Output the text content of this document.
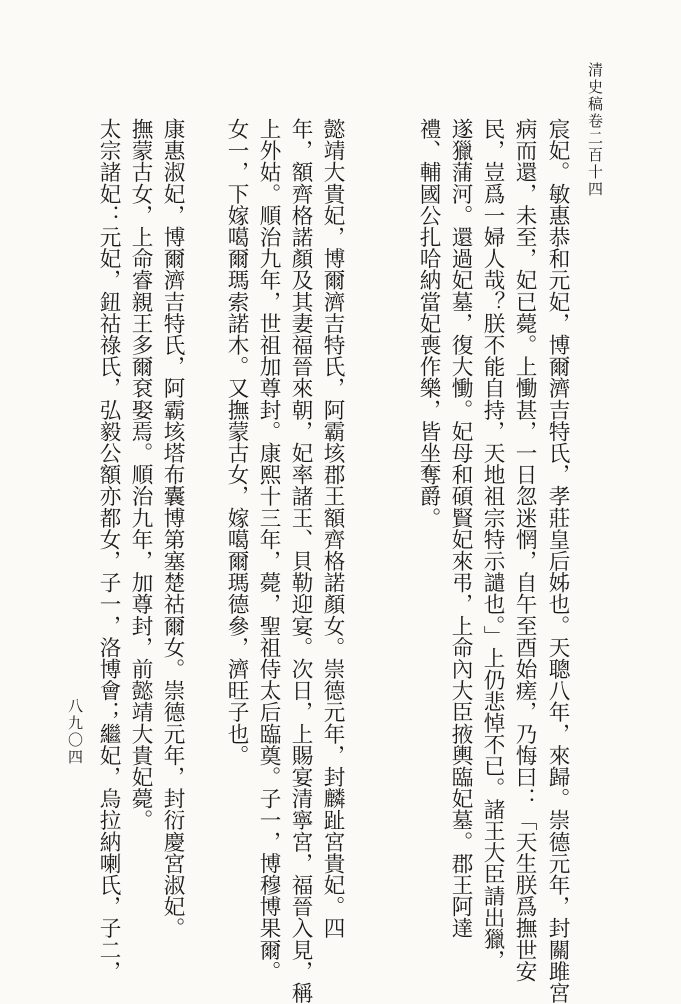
清史稿卷二百十四
宸妃。敏惠恭和元妃，博爾濟吉特氏，孝莊皇后姊也。天聰八年，來歸。崇德元年，封關雎宮
病而還，未至，妃已薨。上慟甚，一日忽迷惘，自午至酉始瘥，乃悔曰：「天生朕爲撫世安
民，豈爲一婦人哉？朕不能自持，天地祖宗特示譴也。」上仍悲悼不已。諸王大臣請出獵，
遂獵蒲河。還過妃墓，復大慟。妃母和碩賢妃來弔，上命內大臣掖輿臨妃墓。郡王阿達
禮、輔國公扎哈納當妃喪作樂，皆坐奪爵。
懿靖大貴妃，博爾濟吉特氏，阿霸垓郡王額齊格諾顏女。崇德元年，封麟趾宮貴妃。四
年，額齊格諾顏及其妻福晉來朝，妃率諸王、貝勒迎宴。次日，上賜宴清寧宮，福晉入見，稱
上外姑。順治九年，世祖加尊封。康熙十三年，薨，聖祖侍太后臨奠。子一，博穆博果爾。
女一，下嫁噶爾瑪索諾木。又撫蒙古女，嫁噶爾瑪德參，濟旺子也。
康惠淑妃，博爾濟吉特氏，阿霸垓塔布囊博第塞楚祜爾女。崇德元年，封衍慶宮淑妃。
撫蒙古女，上命睿親王多爾袞娶焉。順治九年，加尊封，前懿靖大貴妃薨。
太宗諸妃：元妃，鈕祜祿氏，弘毅公額亦都女，子一，洛博會；繼妃，烏拉納喇氏，子二，
八九〇四
